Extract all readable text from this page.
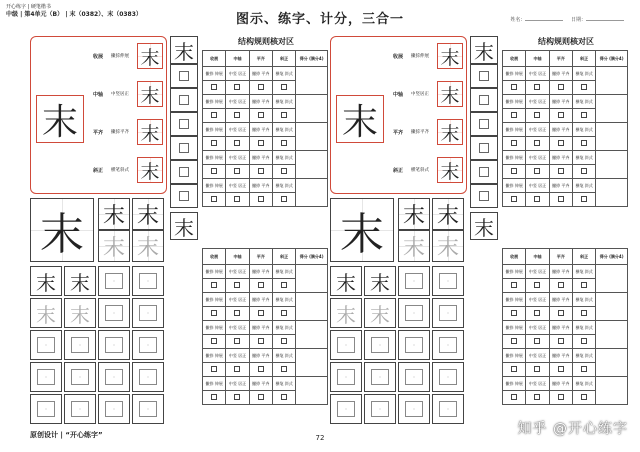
开心练字 | 硬笔楷书
中级 | 第4单元（B） | 末（0382）、末（0383）	图示、练字、计分，三合一	姓名：	日期：
末
收展 撇捺伸展 末
中轴 中竖居正 末
平齐 撇捺平齐 末
斜正 横笔斜式 末
末 末 末
末 末
末 末
末 末
末
末
结构规则核对区
收展	中轴	平齐	斜正	得分 (满分4)
撇捺 伸展	中竖 居正	撇捺 平齐	横笔 斜式	

撇捺 伸展	中竖 居正	撇捺 平齐	横笔 斜式	

撇捺 伸展	中竖 居正	撇捺 平齐	横笔 斜式	

撇捺 伸展	中竖 居正	撇捺 平齐	横笔 斜式	

撇捺 伸展	中竖 居正	撇捺 平齐	横笔 斜式	

收展	中轴	平齐	斜正	得分 (满分4)
撇捺 伸展	中竖 居正	撇捺 平齐	横笔 斜式	

撇捺 伸展	中竖 居正	撇捺 平齐	横笔 斜式	

撇捺 伸展	中竖 居正	撇捺 平齐	横笔 斜式	

撇捺 伸展	中竖 居正	撇捺 平齐	横笔 斜式	

撇捺 伸展	中竖 居正	撇捺 平齐	横笔 斜式	

末
收展 撇捺伸展 末
中轴 中竖居正 末
平齐 撇捺平齐 末
斜正 横笔斜式 末
末 末 末
末 末
末 末
末 末
末
末
结构规则核对区
收展	中轴	平齐	斜正	得分 (满分4)
撇捺 伸展	中竖 居正	撇捺 平齐	横笔 斜式	

撇捺 伸展	中竖 居正	撇捺 平齐	横笔 斜式	

撇捺 伸展	中竖 居正	撇捺 平齐	横笔 斜式	

撇捺 伸展	中竖 居正	撇捺 平齐	横笔 斜式	

撇捺 伸展	中竖 居正	撇捺 平齐	横笔 斜式	

收展	中轴	平齐	斜正	得分 (满分4)
撇捺 伸展	中竖 居正	撇捺 平齐	横笔 斜式	

撇捺 伸展	中竖 居正	撇捺 平齐	横笔 斜式	

撇捺 伸展	中竖 居正	撇捺 平齐	横笔 斜式	

撇捺 伸展	中竖 居正	撇捺 平齐	横笔 斜式	

撇捺 伸展	中竖 居正	撇捺 平齐	横笔 斜式	

原创设计 | “开心练字”	72
知乎 @开心练字
